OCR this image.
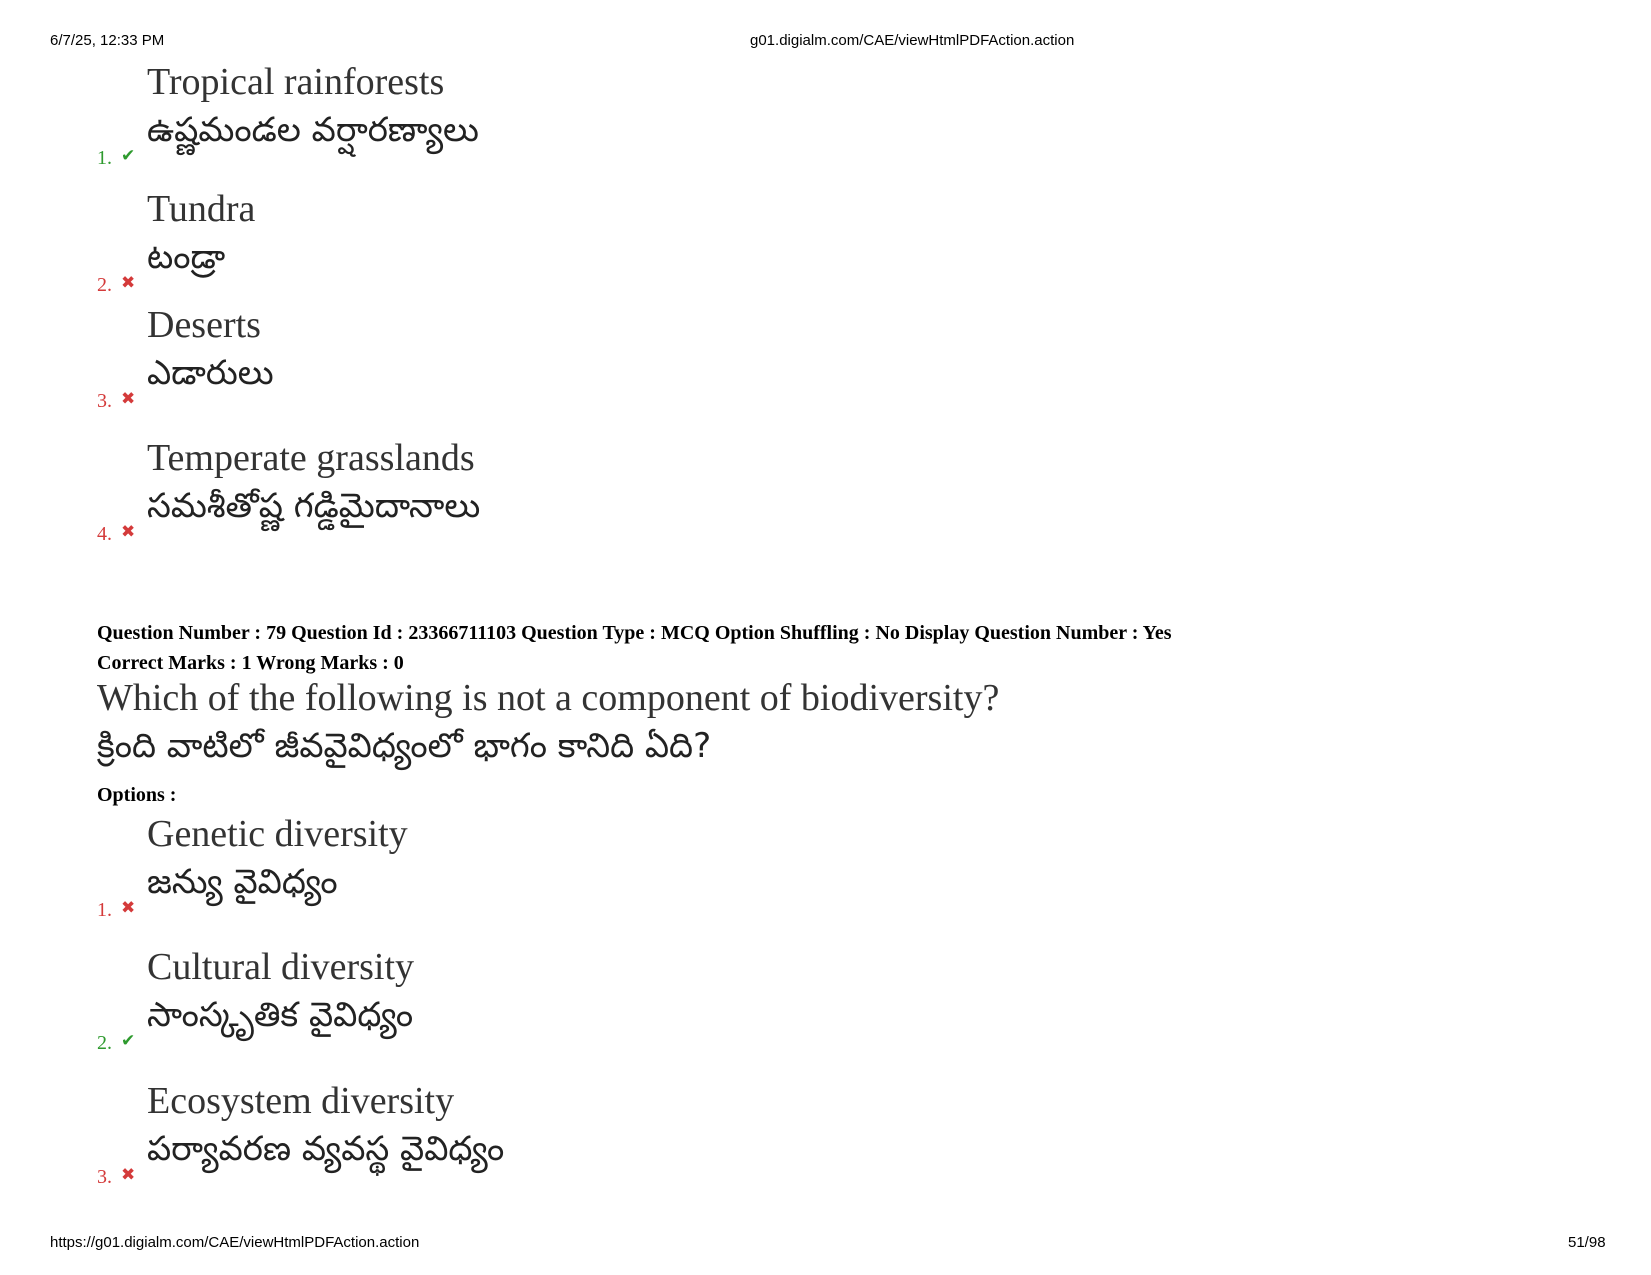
6/7/25, 12:33 PM	g01.digialm.com/CAE/viewHtmlPDFAction.action
1. ✔
Tropical rainforests
ఉష్ణమండల వర్షారణ్యాలు
2. ✖
Tundra
టండ్రా
3. ✖
Deserts
ఎడారులు
4. ✖
Temperate grasslands
సమశీతోష్ణ గడ్డిమైదానాలు
Question Number : 79 Question Id : 23366711103 Question Type : MCQ Option Shuffling : No Display Question Number : Yes
Correct Marks : 1 Wrong Marks : 0
Which of the following is not a component of biodiversity?
క్రింది వాటిలో జీవవైవిధ్యంలో భాగం కానిది ఏది?
Options :
1. ✖
Genetic diversity
జన్యు వైవిధ్యం
2. ✔
Cultural diversity
సాంస్కృతిక వైవిధ్యం
3. ✖
Ecosystem diversity
పర్యావరణ వ్యవస్థ వైవిధ్యం
https://g01.digialm.com/CAE/viewHtmlPDFAction.action	51/98
